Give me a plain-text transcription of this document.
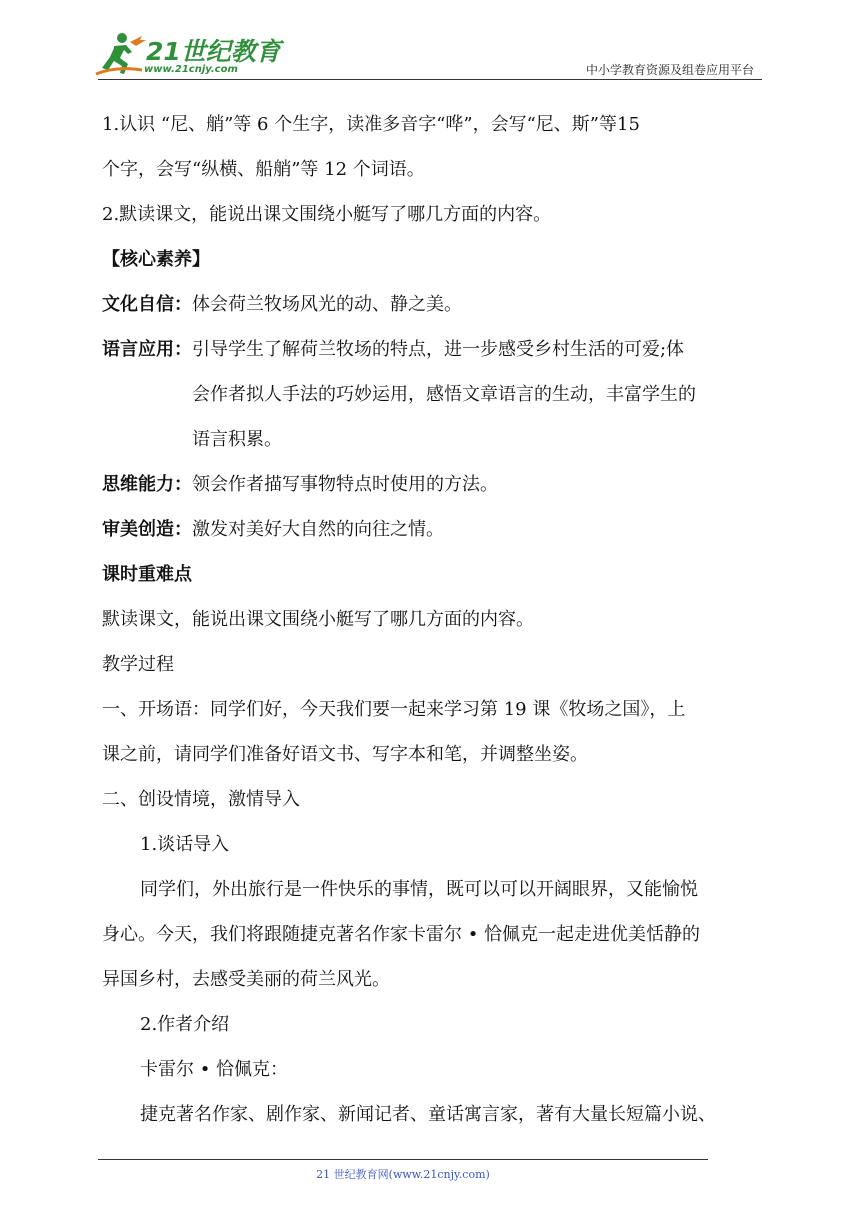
21世纪教育
www.21cnjy.com	中小学教育资源及组卷应用平台

1.认识 “尼、艄”等 6 个生字，读准多音字“哗”，会写“尼、斯”等15

个字，会写“纵横、船艄”等 12 个词语。

2.默读课文，能说出课文围绕小艇写了哪几方面的内容。

【核心素养】

文化自信： 体会荷兰牧场风光的动、静之美。
语言应用： 引导学生了解荷兰牧场的特点，进一步感受乡村生活的可爱;体
会作者拟人手法的巧妙运用，感悟文章语言的生动，丰富学生的
语言积累。
思维能力： 领会作者描写事物特点时使用的方法。
审美创造： 激发对美好大自然的向往之情。

课时重难点

默读课文，能说出课文围绕小艇写了哪几方面的内容。

教学过程

一、开场语：同学们好，今天我们要一起来学习第 19 课《牧场之国》，上

课之前，请同学们准备好语文书、写字本和笔，并调整坐姿。

二、创设情境，激情导入

1.谈话导入

同学们，外出旅行是一件快乐的事情，既可以可以开阔眼界，又能愉悦

身心。今天，我们将跟随捷克著名作家卡雷尔 • 恰佩克一起走进优美恬静的

异国乡村，去感受美丽的荷兰风光。

2.作者介绍

卡雷尔 • 恰佩克：

捷克著名作家、剧作家、新闻记者、童话寓言家，著有大量长短篇小说、

21 世纪教育网(www.21cnjy.com)
